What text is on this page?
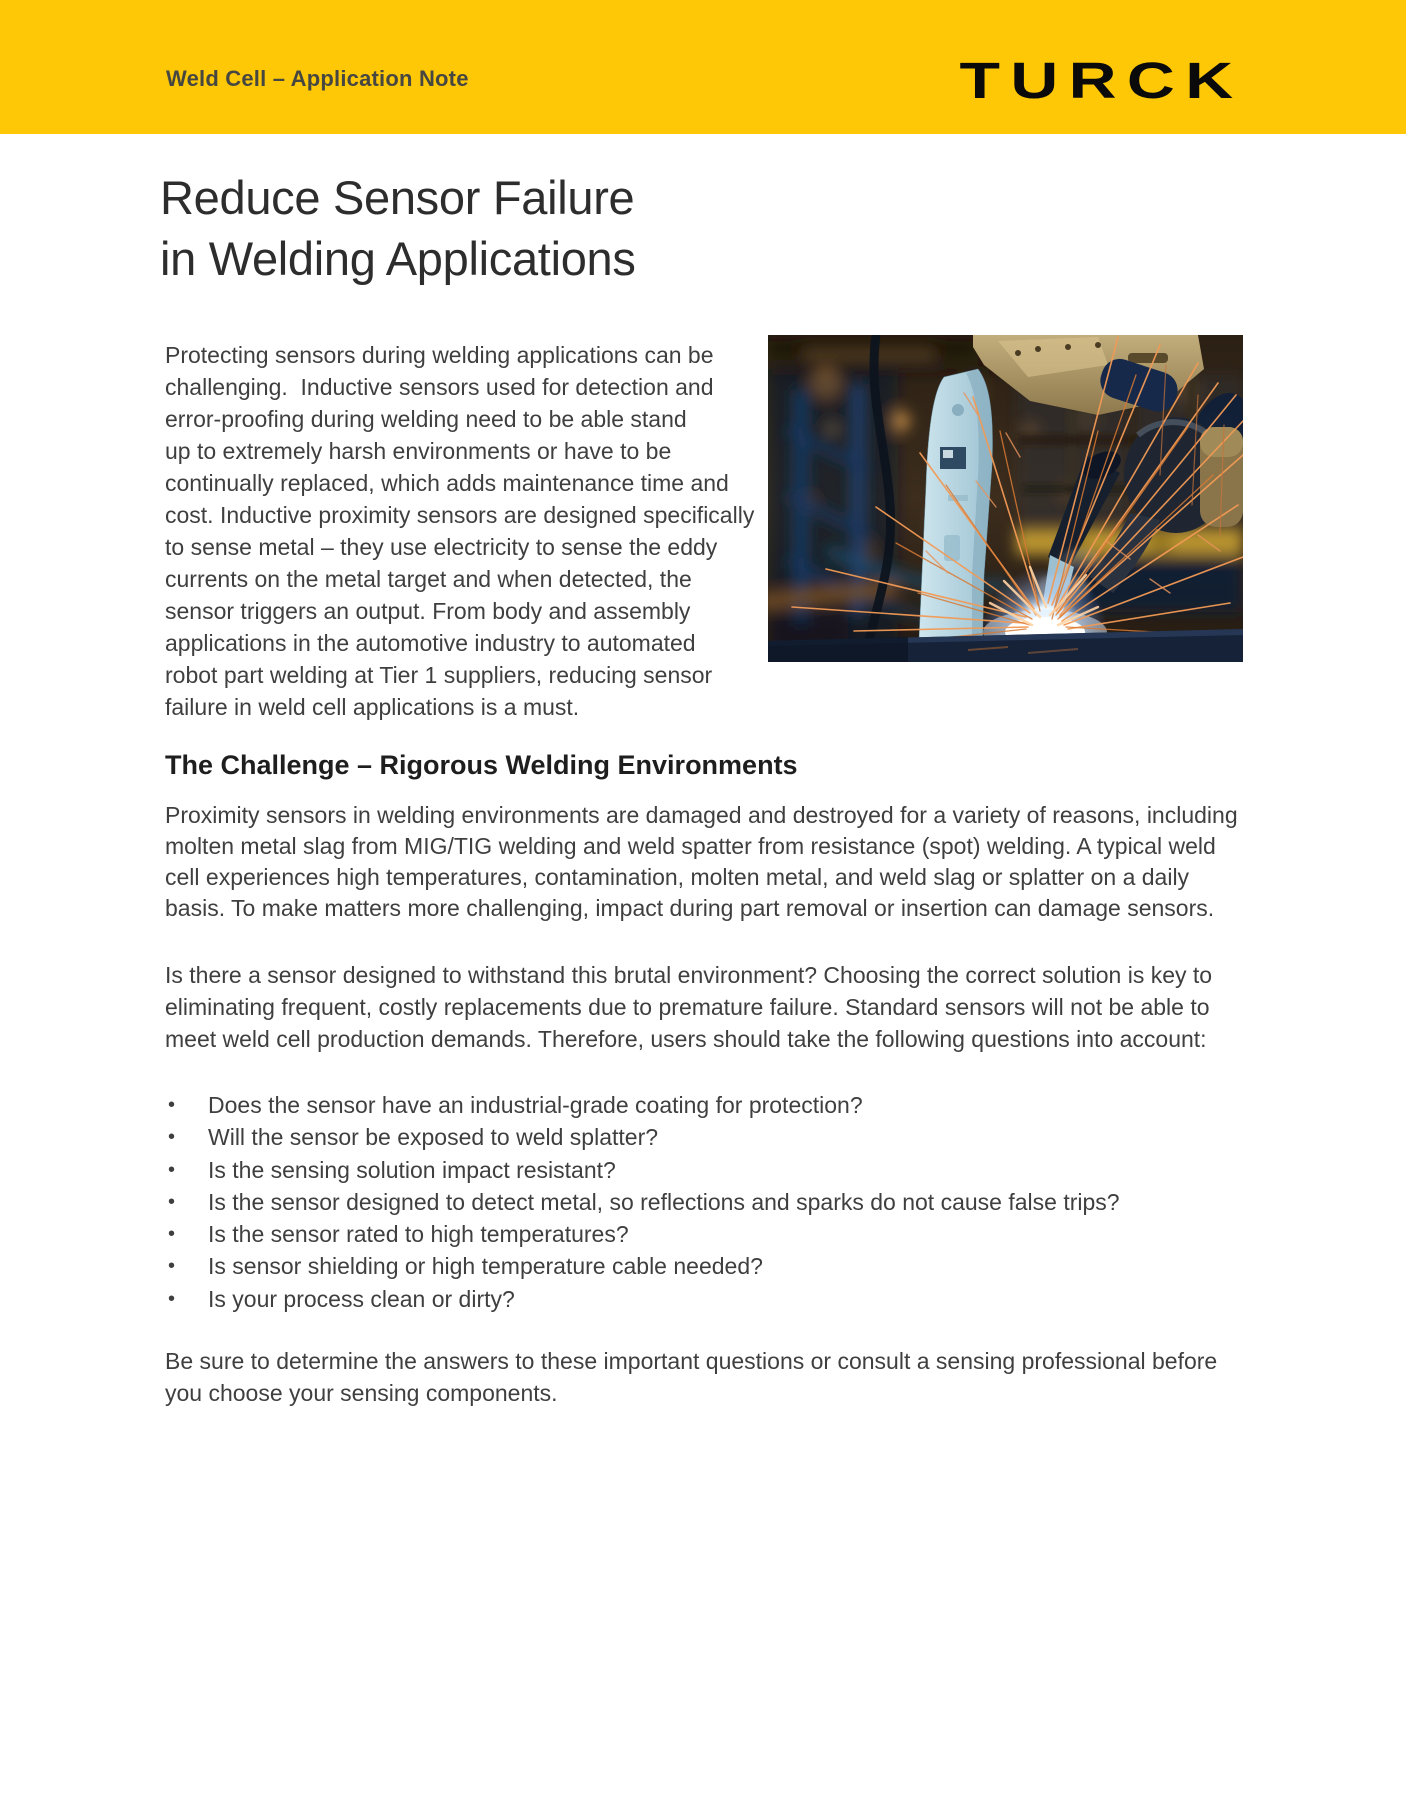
Weld Cell – Application Note	TURCK
Reduce Sensor Failure
in Welding Applications
Protecting sensors during welding applications can be
challenging.  Inductive sensors used for detection and
error-proofing during welding need to be able stand
up to extremely harsh environments or have to be
continually replaced, which adds maintenance time and
cost. Inductive proximity sensors are designed specifically
to sense metal – they use electricity to sense the eddy
currents on the metal target and when detected, the
sensor triggers an output. From body and assembly
applications in the automotive industry to automated
robot part welding at Tier 1 suppliers, reducing sensor
failure in weld cell applications is a must.
The Challenge – Rigorous Welding Environments
Proximity sensors in welding environments are damaged and destroyed for a variety of reasons, including
molten metal slag from MIG/TIG welding and weld spatter from resistance (spot) welding. A typical weld
cell experiences high temperatures, contamination, molten metal, and weld slag or splatter on a daily
basis. To make matters more challenging, impact during part removal or insertion can damage sensors.
Is there a sensor designed to withstand this brutal environment? Choosing the correct solution is key to
eliminating frequent, costly replacements due to premature failure. Standard sensors will not be able to
meet weld cell production demands. Therefore, users should take the following questions into account:
• Does the sensor have an industrial-grade coating for protection?
• Will the sensor be exposed to weld splatter?
• Is the sensing solution impact resistant?
• Is the sensor designed to detect metal, so reflections and sparks do not cause false trips?
• Is the sensor rated to high temperatures?
• Is sensor shielding or high temperature cable needed?
• Is your process clean or dirty?
Be sure to determine the answers to these important questions or consult a sensing professional before
you choose your sensing components.
